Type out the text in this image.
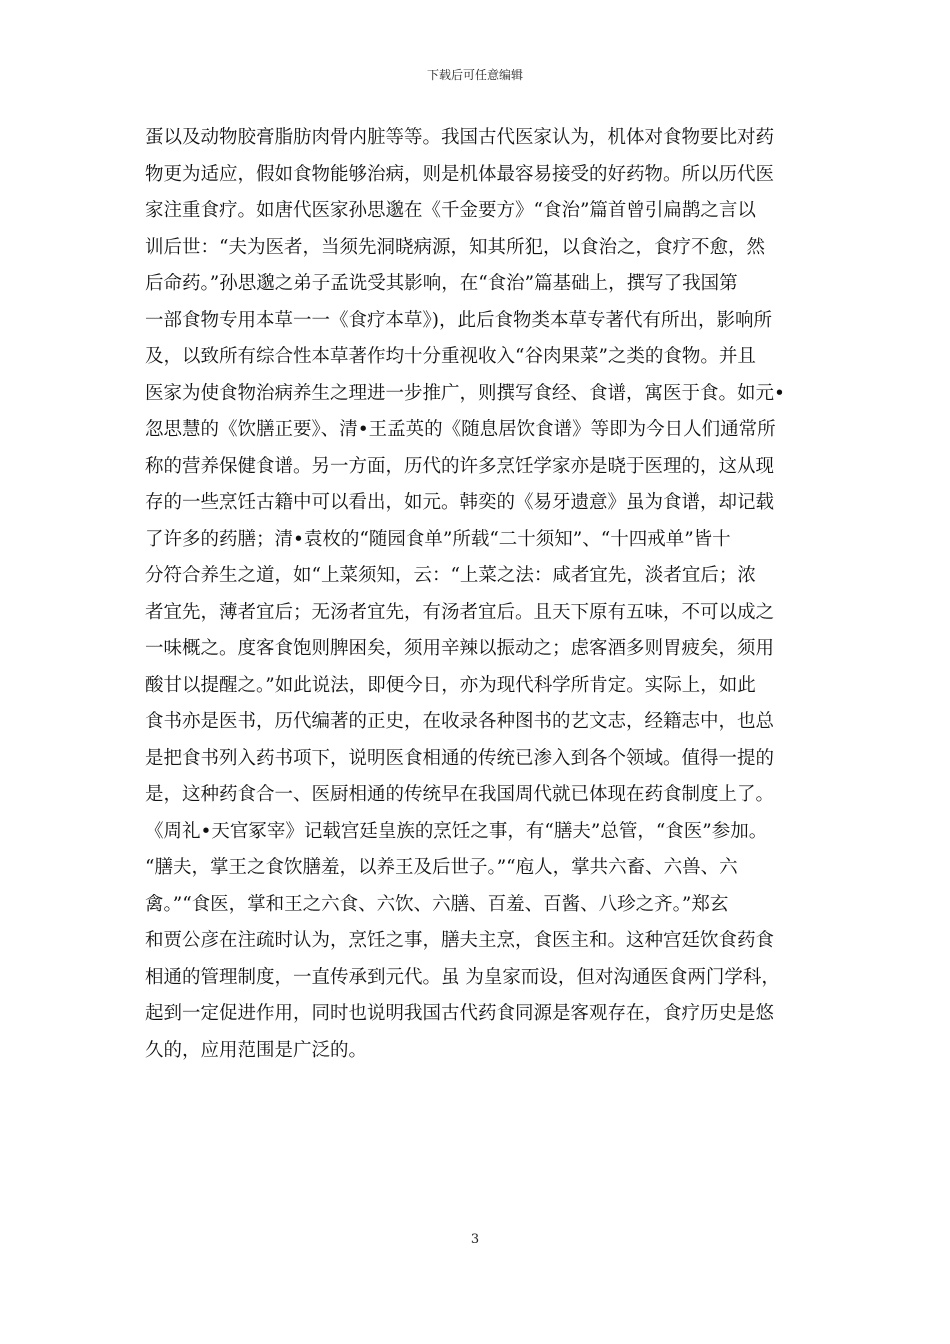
下载后可任意编辑
蛋以及动物胶膏脂肪肉骨内脏等等。我国古代医家认为，机体对食物要比对药
物更为适应，假如食物能够治病，则是机体最容易接受的好药物。所以历代医
家注重食疗。如唐代医家孙思邈在《千金要方》“食治”篇首曾引扁鹊之言以
训后世：“夫为医者，当须先洞晓病源，知其所犯，以食治之，食疗不愈，然
后命药。”孙思邈之弟子孟诜受其影响，在“食治”篇基础上，撰写了我国第
一部食物专用本草一一《食疗本草》)，此后食物类本草专著代有所出，影响所
及，以致所有综合性本草著作均十分重视收入“谷肉果菜”之类的食物。并且
医家为使食物治病养生之理进一步推广，则撰写食经、食谱，寓医于食。如元•
忽思慧的《饮膳正要》、清•王孟英的《随息居饮食谱》等即为今日人们通常所
称的营养保健食谱。另一方面，历代的许多烹饪学家亦是晓于医理的，这从现
存的一些烹饪古籍中可以看出，如元。韩奕的《易牙遗意》虽为食谱，却记载
了许多的药膳；清•袁枚的“随园食单”所载“二十须知”、“十四戒单”皆十
分符合养生之道，如“上菜须知，云：“上菜之法：咸者宜先，淡者宜后；浓
者宜先，薄者宜后；无汤者宜先，有汤者宜后。且天下原有五味，不可以成之
一味概之。度客食饱则脾困矣，须用辛辣以振动之；虑客酒多则胃疲矣，须用
酸甘以提醒之。”如此说法，即便今日，亦为现代科学所肯定。实际上，如此
食书亦是医书，历代编著的正史，在收录各种图书的艺文志，经籍志中，也总
是把食书列入药书项下，说明医食相通的传统已渗入到各个领域。值得一提的
是，这种药食合一、医厨相通的传统早在我国周代就已体现在药食制度上了。
《周礼•天官冢宰》记载宫廷皇族的烹饪之事，有“膳夫”总管，“食医”参加。
“膳夫，掌王之食饮膳羞，以养王及后世子。”“庖人，掌共六畜、六兽、六
禽。”“食医，掌和王之六食、六饮、六膳、百羞、百酱、八珍之齐。”郑玄
和贾公彦在注疏时认为，烹饪之事，膳夫主烹，食医主和。这种宫廷饮食药食
相通的管理制度，一直传承到元代。虽 为皇家而设，但对沟通医食两门学科，
起到一定促进作用，同时也说明我国古代药食同源是客观存在，食疗历史是悠
久的，应用范围是广泛的。
3
